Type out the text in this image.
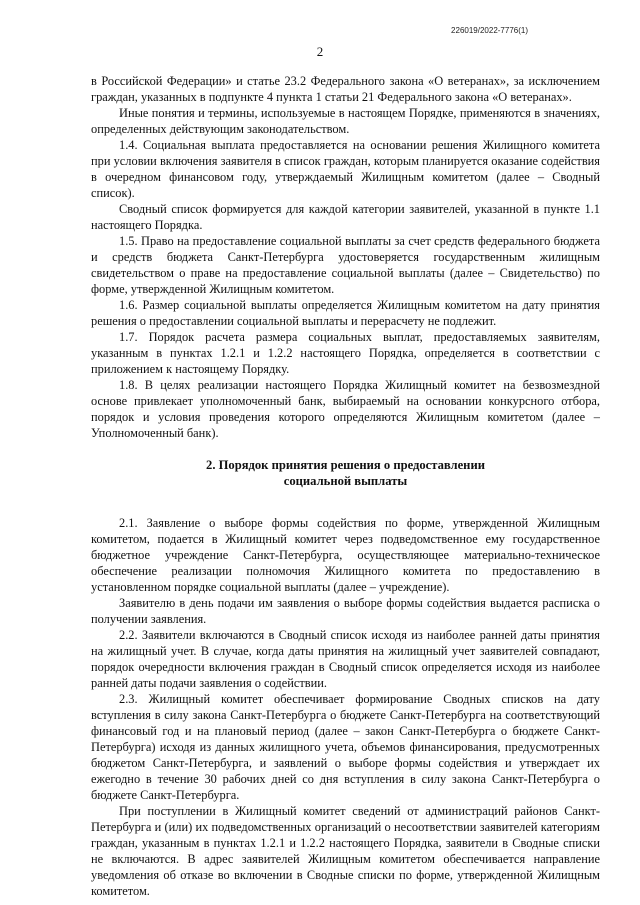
226019/2022-7776(1)
2

в Российской Федерации» и статье 23.2 Федерального закона «О ветеранах», за исключением граждан, указанных в подпункте 4 пункта 1 статьи 21 Федерального закона «О ветеранах».

Иные понятия и термины, используемые в настоящем Порядке, применяются в значениях, определенных действующим законодательством.

1.4. Социальная выплата предоставляется на основании решения Жилищного комитета при условии включения заявителя в список граждан, которым планируется оказание содействия в очередном финансовом году, утверждаемый Жилищным комитетом (далее – Сводный список).

Сводный список формируется для каждой категории заявителей, указанной в пункте 1.1 настоящего Порядка.

1.5. Право на предоставление социальной выплаты за счет средств федерального бюджета и средств бюджета Санкт-Петербурга удостоверяется государственным жилищным свидетельством о праве на предоставление социальной выплаты (далее – Свидетельство) по форме, утвержденной Жилищным комитетом.

1.6. Размер социальной выплаты определяется Жилищным комитетом на дату принятия решения о предоставлении социальной выплаты и перерасчету не подлежит.

1.7. Порядок расчета размера социальных выплат, предоставляемых заявителям, указанным в пунктах 1.2.1 и 1.2.2 настоящего Порядка, определяется в соответствии с приложением к настоящему Порядку.

1.8. В целях реализации настоящего Порядка Жилищный комитет на безвозмездной основе привлекает уполномоченный банк, выбираемый на основании конкурсного отбора, порядок и условия проведения которого определяются Жилищным комитетом (далее – Уполномоченный банк).

2. Порядок принятия решения о предоставлении
социальной выплаты

2.1. Заявление о выборе формы содействия по форме, утвержденной Жилищным комитетом, подается в Жилищный комитет через подведомственное ему государственное бюджетное учреждение Санкт-Петербурга, осуществляющее материально-техническое обеспечение реализации полномочия Жилищного комитета по предоставлению в установленном порядке социальной выплаты (далее – учреждение).

Заявителю в день подачи им заявления о выборе формы содействия выдается расписка о получении заявления.

2.2. Заявители включаются в Сводный список исходя из наиболее ранней даты принятия на жилищный учет. В случае, когда даты принятия на жилищный учет заявителей совпадают, порядок очередности включения граждан в Сводный список определяется исходя из наиболее ранней даты подачи заявления о содействии.

2.3. Жилищный комитет обеспечивает формирование Сводных списков на дату вступления в силу закона Санкт-Петербурга о бюджете Санкт-Петербурга на соответствующий финансовый год и на плановый период (далее – закон Санкт-Петербурга о бюджете Санкт-Петербурга) исходя из данных жилищного учета, объемов финансирования, предусмотренных бюджетом Санкт-Петербурга, и заявлений о выборе формы содействия и утверждает их ежегодно в течение 30 рабочих дней со дня вступления в силу закона Санкт-Петербурга о бюджете Санкт-Петербурга.

При поступлении в Жилищный комитет сведений от администраций районов Санкт-Петербурга и (или) их подведомственных организаций о несоответствии заявителей категориям граждан, указанным в пунктах 1.2.1 и 1.2.2 настоящего Порядка, заявители в Сводные списки не включаются. В адрес заявителей Жилищным комитетом обеспечивается направление уведомления об отказе во включении в Сводные списки по форме, утвержденной Жилищным комитетом.
